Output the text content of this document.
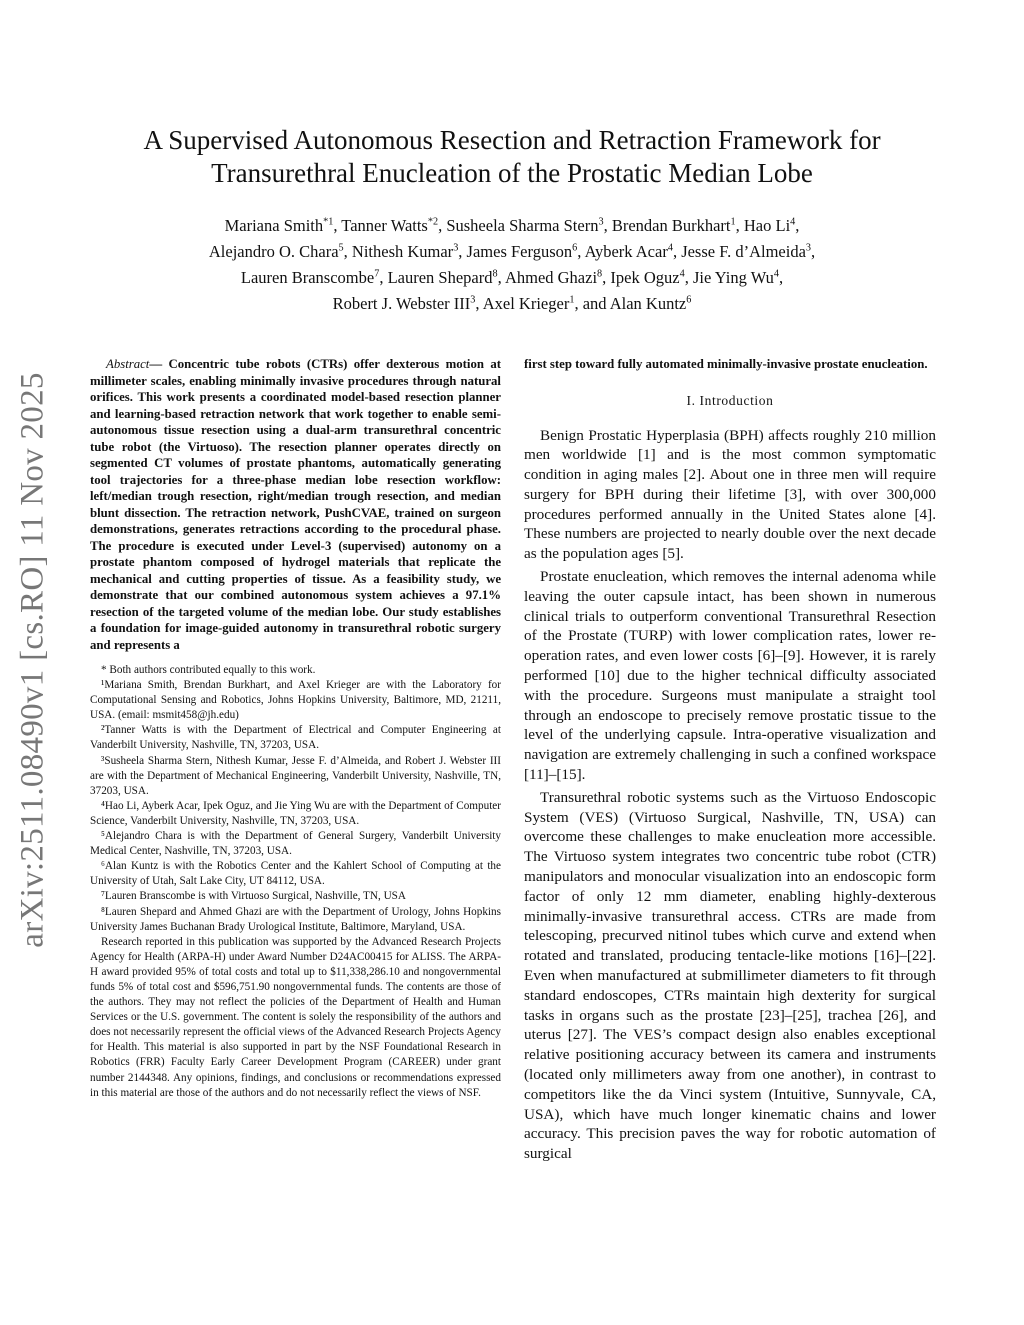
arXiv:2511.08490v1 [cs.RO] 11 Nov 2025
A Supervised Autonomous Resection and Retraction Framework for
Transurethral Enucleation of the Prostatic Median Lobe
Mariana Smith$^{*1}$, Tanner Watts$^{*2}$, Susheela Sharma Stern$^3$, Brendan Burkhart$^1$, Hao Li$^4$,
Alejandro O. Chara$^5$, Nithesh Kumar$^3$, James Ferguson$^6$, Ayberk Acar$^4$, Jesse F. d’Almeida$^3$,
Lauren Branscombe$^7$, Lauren Shepard$^8$, Ahmed Ghazi$^8$, Ipek Oguz$^4$, Jie Ying Wu$^4$,
Robert J. Webster III$^3$, Axel Krieger$^1$, and Alan Kuntz$^6$

Abstract— Concentric tube robots (CTRs) offer dexterous motion at millimeter scales, enabling minimally invasive procedures through natural orifices. This work presents a coordinated model-based resection planner and learning-based retraction network that work together to enable semi-autonomous tissue resection using a dual-arm transurethral concentric tube robot (the Virtuoso). The resection planner operates directly on segmented CT volumes of prostate phantoms, automatically generating tool trajectories for a three-phase median lobe resection workflow: left/median trough resection, right/median trough resection, and median blunt dissection. The retraction network, PushCVAE, trained on surgeon demonstrations, generates retractions according to the procedural phase. The procedure is executed under Level-3 (supervised) autonomy on a prostate phantom composed of hydrogel materials that replicate the mechanical and cutting properties of tissue. As a feasibility study, we demonstrate that our combined autonomous system achieves a 97.1% resection of the targeted volume of the median lobe. Our study establishes a foundation for image-guided autonomy in transurethral robotic surgery and represents a

* Both authors contributed equally to this work.

¹Mariana Smith, Brendan Burkhart, and Axel Krieger are with the Laboratory for Computational Sensing and Robotics, Johns Hopkins University, Baltimore, MD, 21211, USA. (email: msmit458@jh.edu)

²Tanner Watts is with the Department of Electrical and Computer Engineering at Vanderbilt University, Nashville, TN, 37203, USA.

³Susheela Sharma Stern, Nithesh Kumar, Jesse F. d’Almeida, and Robert J. Webster III are with the Department of Mechanical Engineering, Vanderbilt University, Nashville, TN, 37203, USA.

⁴Hao Li, Ayberk Acar, Ipek Oguz, and Jie Ying Wu are with the Department of Computer Science, Vanderbilt University, Nashville, TN, 37203, USA.

⁵Alejandro Chara is with the Department of General Surgery, Vanderbilt University Medical Center, Nashville, TN, 37203, USA.

⁶Alan Kuntz is with the Robotics Center and the Kahlert School of Computing at the University of Utah, Salt Lake City, UT 84112, USA.

⁷Lauren Branscombe is with Virtuoso Surgical, Nashville, TN, USA

⁸Lauren Shepard and Ahmed Ghazi are with the Department of Urology, Johns Hopkins University James Buchanan Brady Urological Institute, Baltimore, Maryland, USA.

Research reported in this publication was supported by the Advanced Research Projects Agency for Health (ARPA-H) under Award Number D24AC00415 for ALISS. The ARPA-H award provided 95% of total costs and total up to $11,338,286.10 and nongovernmental funds 5% of total cost and $596,751.90 nongovernmental funds. The contents are those of the authors. They may not reflect the policies of the Department of Health and Human Services or the U.S. government. The content is solely the responsibility of the authors and does not necessarily represent the official views of the Advanced Research Projects Agency for Health. This material is also supported in part by the NSF Foundational Research in Robotics (FRR) Faculty Early Career Development Program (CAREER) under grant number 2144348. Any opinions, findings, and conclusions or recommendations expressed in this material are those of the authors and do not necessarily reflect the views of NSF.

first step toward fully automated minimally-invasive prostate enucleation.

I. Introduction

Benign Prostatic Hyperplasia (BPH) affects roughly 210 million men worldwide [1] and is the most common symptomatic condition in aging males [2]. About one in three men will require surgery for BPH during their lifetime [3], with over 300,000 procedures performed annually in the United States alone [4]. These numbers are projected to nearly double over the next decade as the population ages [5].

Prostate enucleation, which removes the internal adenoma while leaving the outer capsule intact, has been shown in numerous clinical trials to outperform conventional Transurethral Resection of the Prostate (TURP) with lower complication rates, lower re-operation rates, and even lower costs [6]–[9]. However, it is rarely performed [10] due to the higher technical difficulty associated with the procedure. Surgeons must manipulate a straight tool through an endoscope to precisely remove prostatic tissue to the level of the underlying capsule. Intra-operative visualization and navigation are extremely challenging in such a confined workspace [11]–[15].

Transurethral robotic systems such as the Virtuoso Endoscopic System (VES) (Virtuoso Surgical, Nashville, TN, USA) can overcome these challenges to make enucleation more accessible. The Virtuoso system integrates two concentric tube robot (CTR) manipulators and monocular visualization into an endoscopic form factor of only 12 mm diameter, enabling highly-dexterous minimally-invasive transurethral access. CTRs are made from telescoping, precurved nitinol tubes which curve and extend when rotated and translated, producing tentacle-like motions [16]–[22]. Even when manufactured at submillimeter diameters to fit through standard endoscopes, CTRs maintain high dexterity for surgical tasks in organs such as the prostate [23]–[25], trachea [26], and uterus [27]. The VES’s compact design also enables exceptional relative positioning accuracy between its camera and instruments (located only millimeters away from one another), in contrast to competitors like the da Vinci system (Intuitive, Sunnyvale, CA, USA), which have much longer kinematic chains and lower accuracy. This precision paves the way for robotic automation of surgical
